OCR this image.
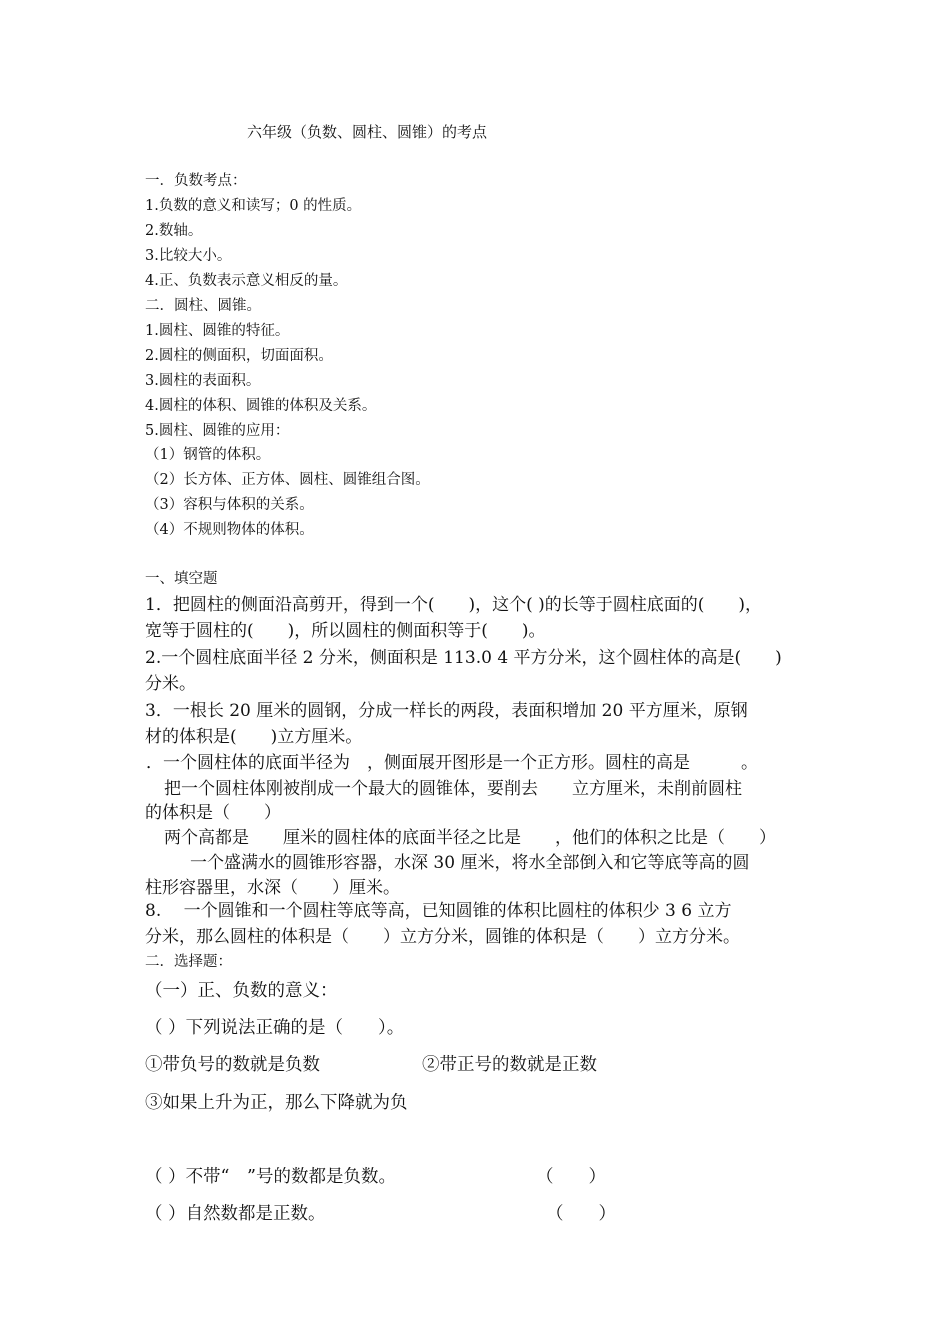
六年级（负数、圆柱、圆锥）的考点
一．负数考点：
1.负数的意义和读写；0 的性质。
2.数轴。
3.比较大小。
4.正、负数表示意义相反的量。
二．圆柱、圆锥。
1.圆柱、圆锥的特征。
2.圆柱的侧面积，切面面积。
3.圆柱的表面积。
4.圆柱的体积、圆锥的体积及关系。
5.圆柱、圆锥的应用：
（1）钢管的体积。
（2）长方体、正方体、圆柱、圆锥组合图。
（3）容积与体积的关系。
（4）不规则物体的体积。
一、填空题
1．把圆柱的侧面沿高剪开，得到一个(　　)，这个( )的长等于圆柱底面的(　　)，
宽等于圆柱的(　　)，所以圆柱的侧面积等于(　　)。
2.一个圆柱底面半径 2 分米，侧面积是 113.0 4 平方分米，这个圆柱体的高是(　　)
分米。
3．一根长 20 厘米的圆钢，分成一样长的两段，表面积增加 20 平方厘米，原钢
材的体积是(　　)立方厘米。
．一个圆柱体的底面半径为　，侧面展开图形是一个正方形。圆柱的高是　　　。
把一个圆柱体刚被削成一个最大的圆锥体，要削去　　立方厘米，未削前圆柱
的体积是（　　）
两个高都是　　厘米的圆柱体的底面半径之比是　　，他们的体积之比是（　　）
一个盛满水的圆锥形容器，水深 30 厘米，将水全部倒入和它等底等高的圆
柱形容器里，水深（　　）厘米。
8.　 一个圆锥和一个圆柱等底等高，已知圆锥的体积比圆柱的体积少 3 6 立方
分米，那么圆柱的体积是（　　）立方分米，圆锥的体积是（　　）立方分米。
二．选择题：
（一）正、负数的意义：
（ ）下列说法正确的是（　　）。
①带负号的数就是负数	②带正号的数就是正数
③如果上升为正，那么下降就为负
（ ）不带“　”号的数都是负数。	（　　）
（ ）自然数都是正数。	（　　）
